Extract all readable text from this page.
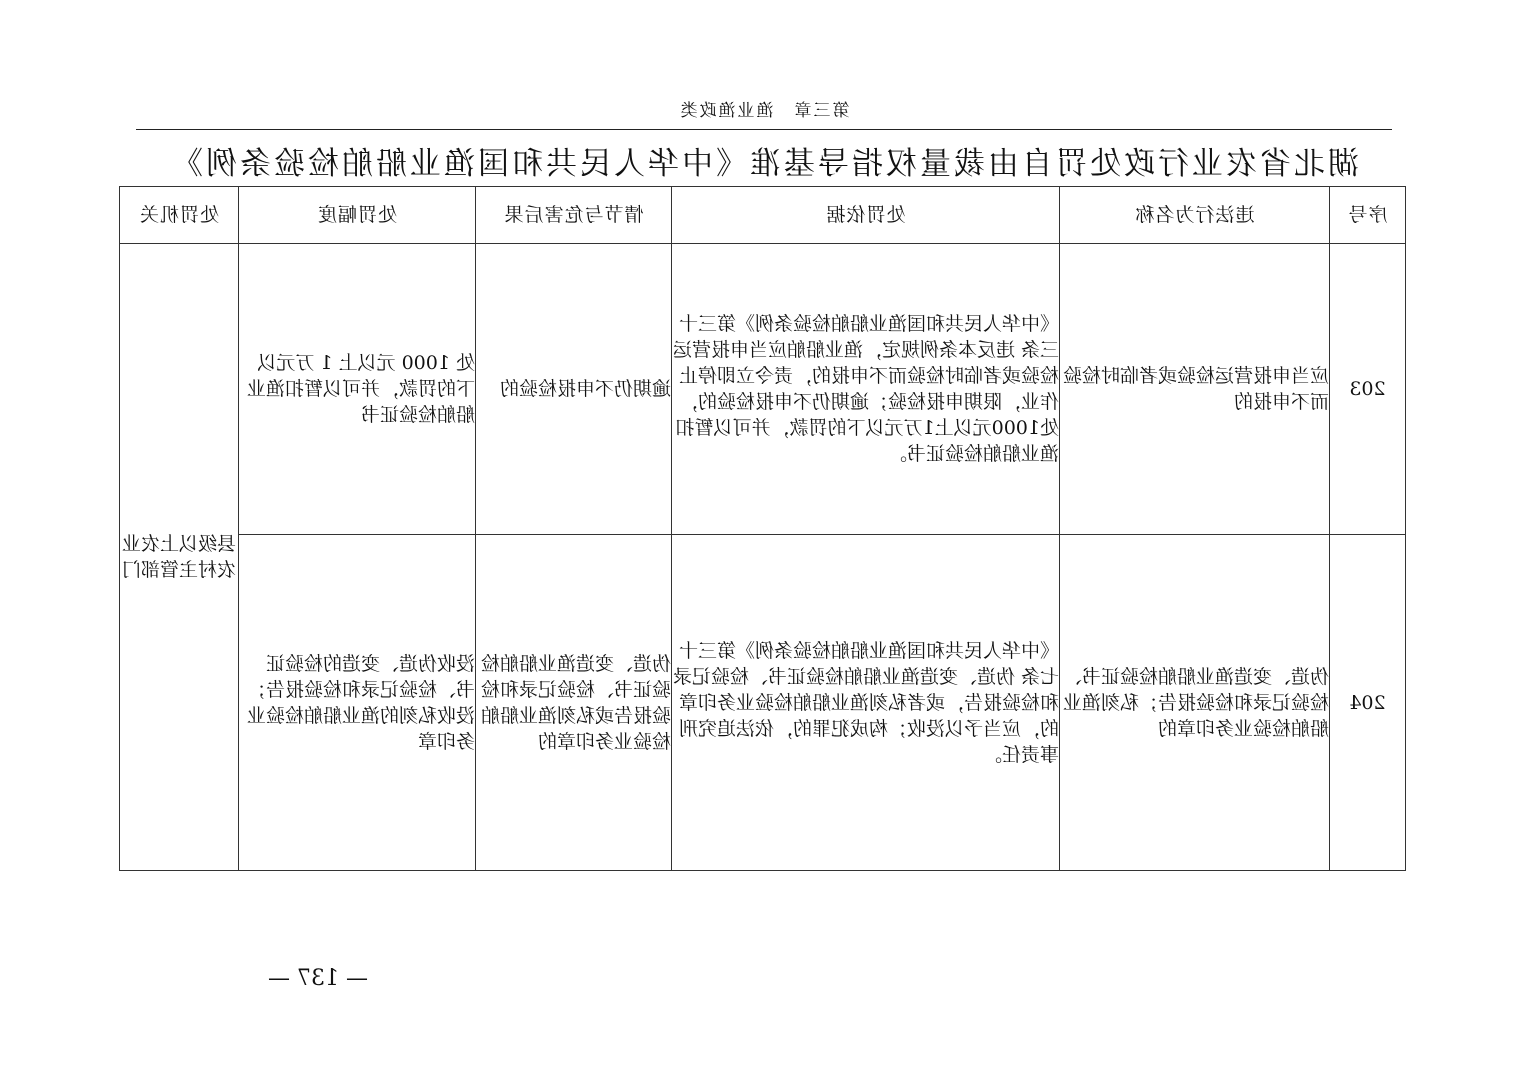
第三章　渔业渔政类
湖北省农业行政处罚自由裁量权指导基准《中华人民共和国渔业船舶检验条例》
序号	违法行为名称	处罚依据	情节与危害后果	处罚幅度	处罚机关
203	应当申报营运检验或者临时检验而不申报的	《中华人民共和国渔业船舶检验条例》第三十三条 违反本条例规定，渔业船舶应当申报营运检验或者临时检验而不申报的，责令立即停止作业，限期申报检验；逾期仍不申报检验的，处1000元以上1万元以下的罚款，并可以暂扣渔业船舶检验证书。	逾期仍不申报检验的	处 1000 元以上 1 万元以下的罚款，并可以暂扣渔业船舶检验证书	县级以上农业农村主管部门
204	伪造、变造渔业船舶检验证书、检验记录和检验报告；私刻渔业船舶检验业务印章的	《中华人民共和国渔业船舶检验条例》第三十七条 伪造、变造渔业船舶检验证书、检验记录和检验报告，或者私刻渔业船舶检验业务印章的，应当予以没收；构成犯罪的，依法追究刑事责任。	伪造、变造渔业船舶检验证书、检验记录和检验报告或私刻渔业船舶检验业务印章的	没收伪造、变造的检验证书、检验记录和检验报告；没收私刻的渔业船舶检验业务印章	
— 137 —
